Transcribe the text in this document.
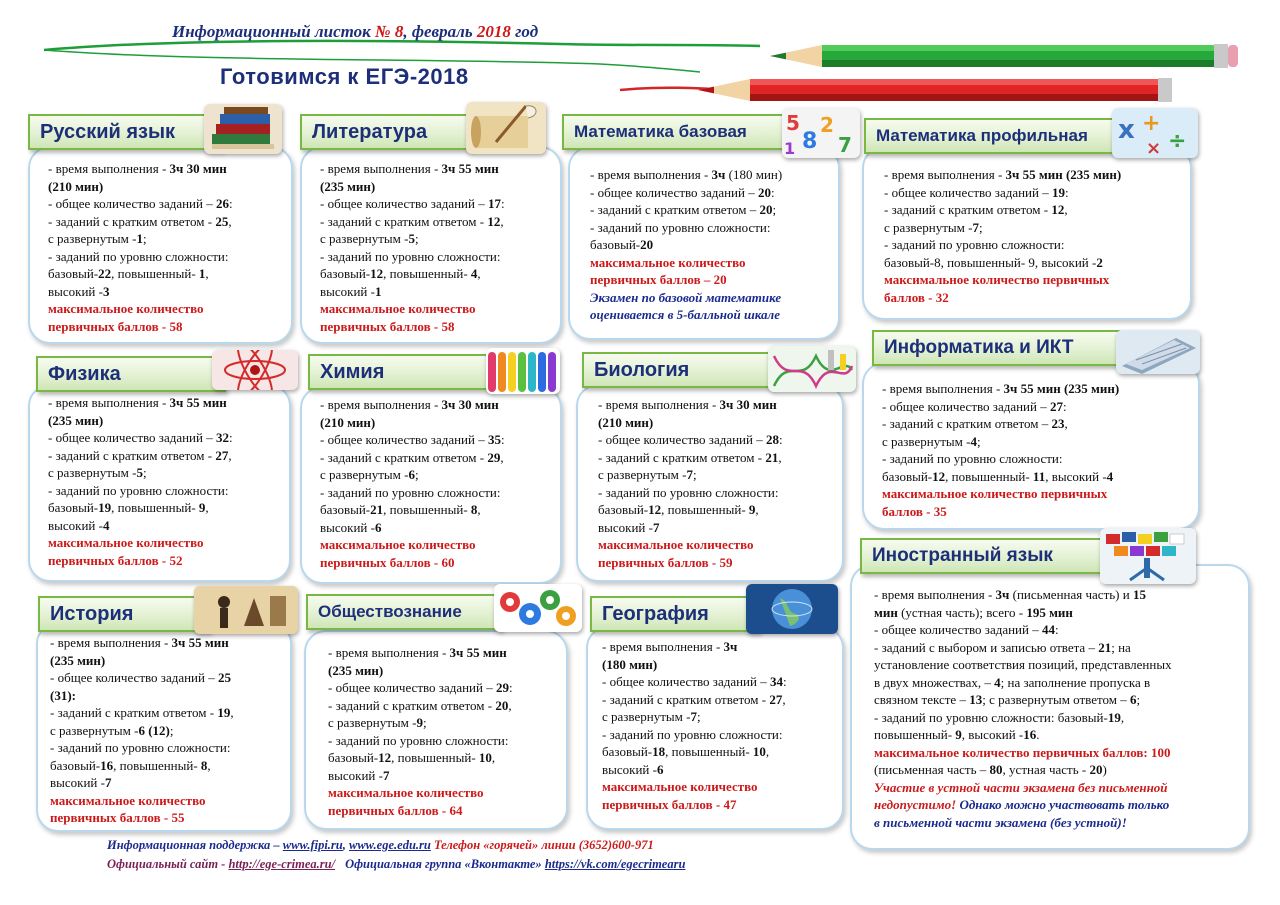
Информационный листок № 8, февраль 2018 год
Готовимся к ЕГЭ-2018
- время выполнения - 3ч 30 мин
(210 мин)
- общее количество заданий – 26:
- заданий с кратким ответом - 25,
с развернутым -1;
- заданий по уровню сложности:
базовый-22, повышенный- 1,
высокий -3
максимальное количество
первичных баллов - 58
Русский язык
- время выполнения - 3ч 55 мин
(235 мин)
- общее количество заданий – 17:
- заданий с кратким ответом - 12,
с развернутым -5;
- заданий по уровню сложности:
базовый-12, повышенный- 4,
высокий -1
максимальное количество
первичных баллов - 58
Литература
- время выполнения - 3ч (180 мин)
- общее количество заданий – 20:
- заданий с кратким ответом – 20;
- заданий по уровню сложности:
базовый-20
максимальное количество
первичных баллов – 20
Экзамен по базовой математике
оценивается в 5-балльной шкале
Математика базовая 5
8
2
7
1
- время выполнения - 3ч 55 мин (235 мин)
- общее количество заданий – 19:
- заданий с кратким ответом - 12,
с развернутым -7;
- заданий по уровню сложности:
базовый-8, повышенный- 9, высокий -2
максимальное количество первичных
баллов - 32
Математика профильная x +
÷
×
- время выполнения - 3ч 55 мин
(235 мин)
- общее количество заданий – 32:
- заданий с кратким ответом - 27,
с развернутым -5;
- заданий по уровню сложности:
базовый-19, повышенный- 9,
высокий -4
максимальное количество
первичных баллов - 52
Физика
- время выполнения - 3ч 30 мин
(210 мин)
- общее количество заданий – 35:
- заданий с кратким ответом - 29,
с развернутым -6;
- заданий по уровню сложности:
базовый-21, повышенный- 8,
высокий -6
максимальное количество
первичных баллов - 60
Химия
- время выполнения - 3ч 30 мин
(210 мин)
- общее количество заданий – 28:
- заданий с кратким ответом - 21,
с развернутым -7;
- заданий по уровню сложности:
базовый-12, повышенный- 9,
высокий -7
максимальное количество
первичных баллов - 59
Биология
- время выполнения - 3ч 55 мин (235 мин)
- общее количество заданий – 27:
- заданий с кратким ответом – 23,
с развернутым -4;
- заданий по уровню сложности:
базовый-12, повышенный- 11, высокий -4
максимальное количество первичных
баллов - 35
Информатика и ИКТ
- время выполнения - 3ч 55 мин
(235 мин)
- общее количество заданий – 25
(31):
- заданий с кратким ответом - 19,
с развернутым -6 (12);
- заданий по уровню сложности:
базовый-16, повышенный- 8,
высокий -7
максимальное количество
первичных баллов - 55
История
- время выполнения - 3ч 55 мин
(235 мин)
- общее количество заданий – 29:
- заданий с кратким ответом - 20,
с развернутым -9;
- заданий по уровню сложности:
базовый-12, повышенный- 10,
высокий -7
максимальное количество
первичных баллов - 64
Обществознание
- время выполнения - 3ч
(180 мин)
- общее количество заданий – 34:
- заданий с кратким ответом - 27,
с развернутым -7;
- заданий по уровню сложности:
базовый-18, повышенный- 10,
высокий -6
максимальное количество
первичных баллов - 47
География
- время выполнения - 3ч (письменная часть) и 15
мин (устная часть); всего - 195 мин
- общее количество заданий – 44:
- заданий с выбором и записью ответа – 21; на
установление соответствия позиций, представленных
в двух множествах, – 4; на заполнение пропуска в
связном тексте – 13; с развернутым ответом – 6;
- заданий по уровню сложности: базовый-19,
повышенный- 9, высокий -16.
максимальное количество первичных баллов: 100
(письменная часть – 80, устная часть - 20)
Участие в устной части экзамена без письменной
недопустимо! Однако можно участвовать только
в письменной части экзамена (без устной)!
Иностранный язык
Информационная поддержка – www.fipi.ru, www.ege.edu.ru Телефон «горячей» линии (3652)600-971
Официальный сайт - http://ege-crimea.ru/ Официальная группа «Вконтакте» https://vk.com/egecrimearu
